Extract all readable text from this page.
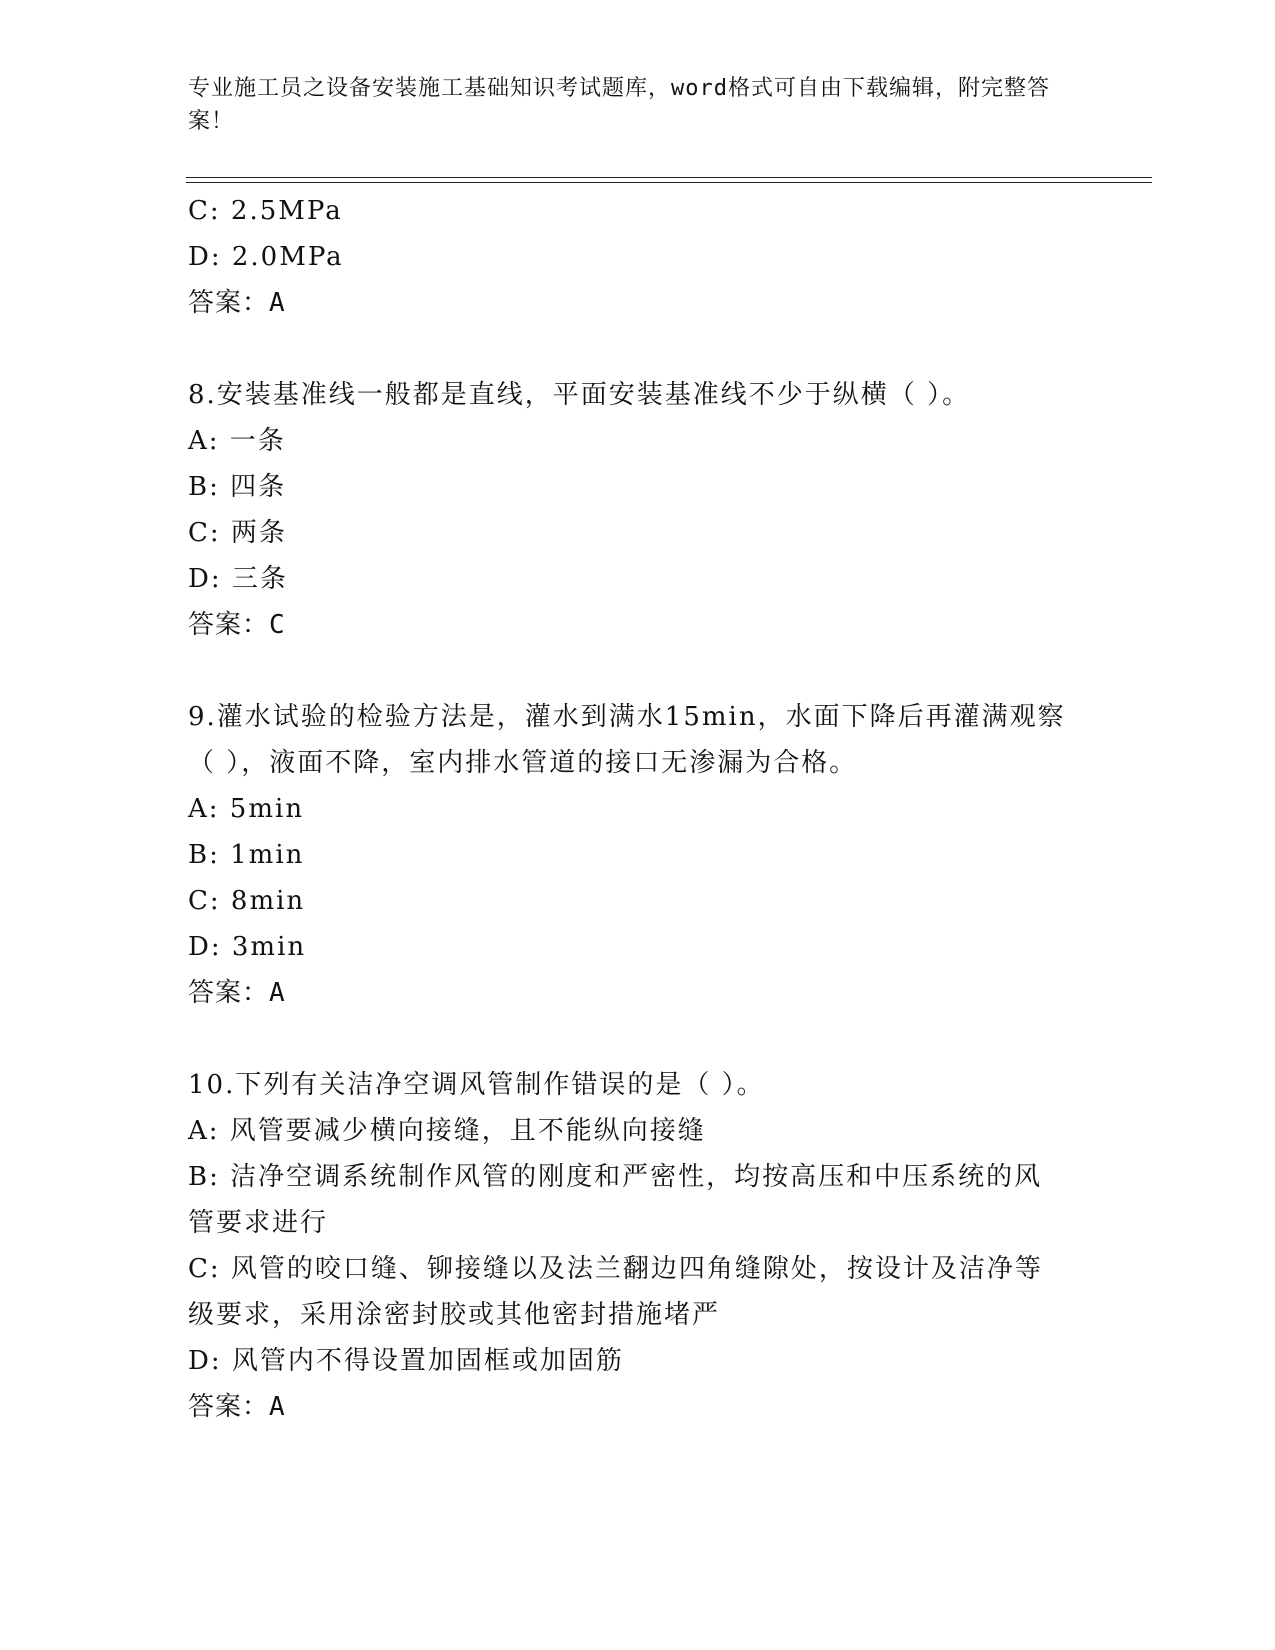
专业施工员之设备安装施工基础知识考试题库，word格式可自由下载编辑，附完整答案！
C: 2.5MPa
D: 2.0MPa
答案：A
8.安装基准线一般都是直线，平面安装基准线不少于纵横（ ）。
A: 一条
B: 四条
C: 两条
D: 三条
答案：C
9.灌水试验的检验方法是，灌水到满水15min，水面下降后再灌满观察
（ ），液面不降，室内排水管道的接口无渗漏为合格。
A: 5min
B: 1min
C: 8min
D: 3min
答案：A
10.下列有关洁净空调风管制作错误的是（ ）。
A: 风管要减少横向接缝，且不能纵向接缝
B: 洁净空调系统制作风管的刚度和严密性，均按高压和中压系统的风
管要求进行
C: 风管的咬口缝、铆接缝以及法兰翻边四角缝隙处，按设计及洁净等
级要求，采用涂密封胶或其他密封措施堵严
D: 风管内不得设置加固框或加固筋
答案：A
